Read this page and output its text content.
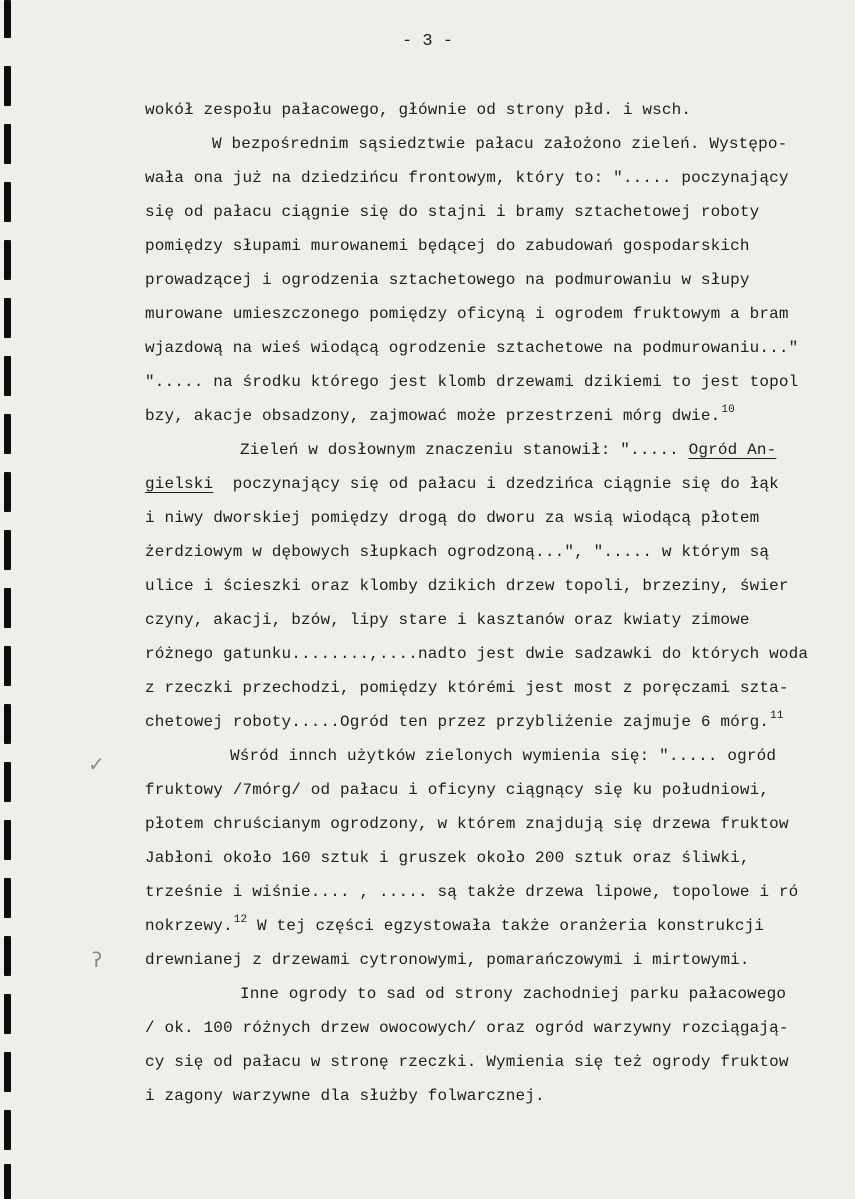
- 3 -
wokół zespołu pałacowego, głównie od strony płd. i wsch.
W bezpośrednim sąsiedztwie pałacu założono zieleń. Występo-
wała ona już na dziedzińcu frontowym, który to: "..... poczynający
się od pałacu ciągnie się do stajni i bramy sztachetowej roboty
pomiędzy słupami murowanemi będącej do zabudowań gospodarskich
prowadzącej i ogrodzenia sztachetowego na podmurowaniu w słupy
murowane umieszczonego pomiędzy oficyną i ogrodem fruktowym a bram
wjazdową na wieś wiodącą ogrodzenie sztachetowe na podmurowaniu..."
"..... na środku którego jest klomb drzewami dzikiemi to jest topol
bzy, akacje obsadzony, zajmować może przestrzeni mórg dwie.$^{10}$
Zieleń w dosłownym znaczeniu stanowił: "..... Ogród An-
gielski  poczynający się od pałacu i dzedzińca ciągnie się do łąk
i niwy dworskiej pomiędzy drogą do dworu za wsią wiodącą płotem
żerdziowym w dębowych słupkach ogrodzoną...", "..... w którym są
ulice i ścieszki oraz klomby dzikich drzew topoli, brzeziny, świer
czyny, akacji, bzów, lipy stare i kasztanów oraz kwiaty zimowe
różnego gatunku........,....nadto jest dwie sadzawki do których woda
z rzeczki przechodzi, pomiędzy którémi jest most z poręczami szta-
chetowej roboty.....Ogród ten przez przybliżenie zajmuje 6 mórg.$^{11}$
Wśród innch użytków zielonych wymienia się: "..... ogród
fruktowy /7mórg/ od pałacu i oficyny ciągnący się ku południowi,
płotem chruścianym ogrodzony, w którem znajdują się drzewa fruktow
Jabłoni około 160 sztuk i gruszek około 200 sztuk oraz śliwki,
trześnie i wiśnie.... , ..... są także drzewa lipowe, topolowe i ró
nokrzewy.$^{12}$ W tej części egzystowała także oranżeria konstrukcji
drewnianej z drzewami cytronowymi, pomarańczowymi i mirtowymi.
Inne ogrody to sad od strony zachodniej parku pałacowego
/ ok. 100 różnych drzew owocowych/ oraz ogród warzywny rozciągają-
cy się od pałacu w stronę rzeczki. Wymienia się też ogrody fruktow
i zagony warzywne dla służby folwarcznej.
✓
ʔ
